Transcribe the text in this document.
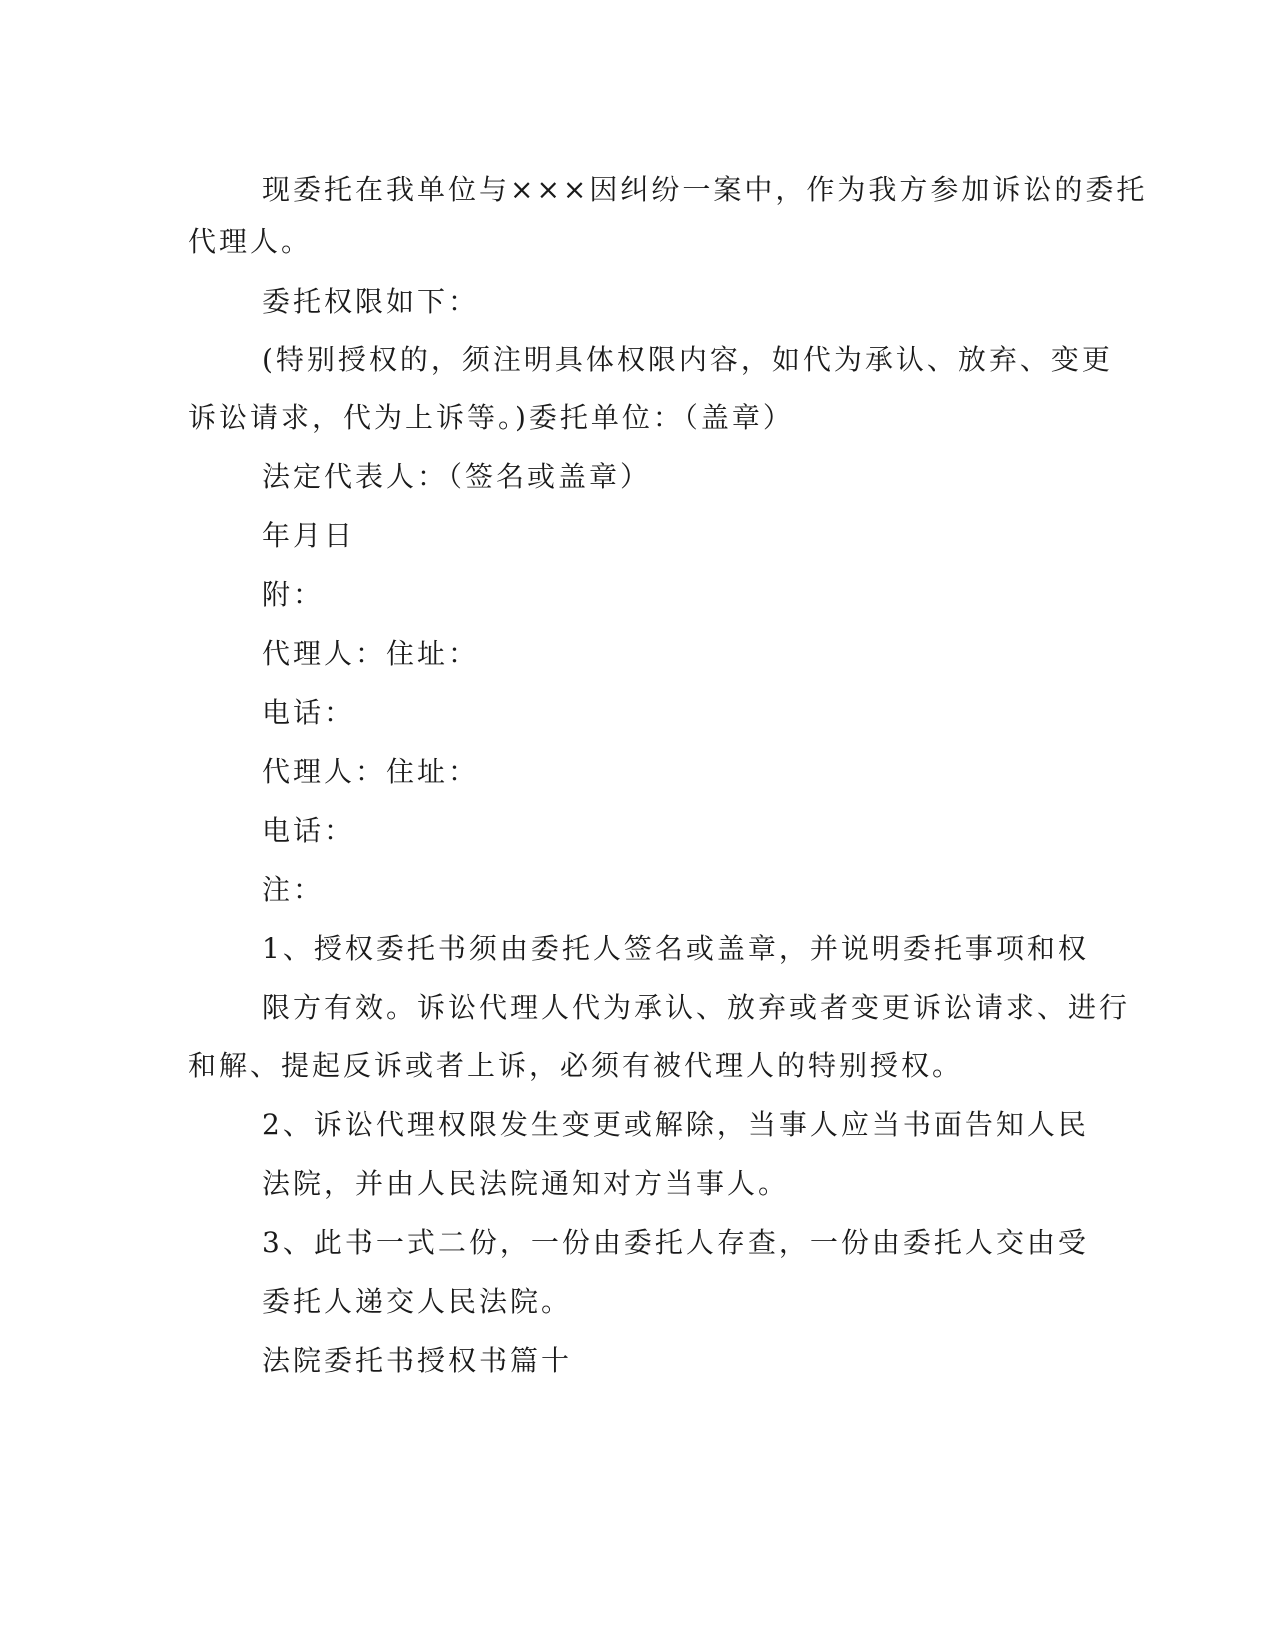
现委托在我单位与×××因纠纷一案中，作为我方参加诉讼的委托
代理人。
委托权限如下：
(特别授权的，须注明具体权限内容，如代为承认、放弃、变更
诉讼请求，代为上诉等。)委托单位：（盖章）
法定代表人：（签名或盖章）
年月日
附：
代理人：住址：
电话：
代理人：住址：
电话：
注：
1、授权委托书须由委托人签名或盖章，并说明委托事项和权
限方有效。诉讼代理人代为承认、放弃或者变更诉讼请求、进行
和解、提起反诉或者上诉，必须有被代理人的特别授权。
2、诉讼代理权限发生变更或解除，当事人应当书面告知人民
法院，并由人民法院通知对方当事人。
3、此书一式二份，一份由委托人存查，一份由委托人交由受
委托人递交人民法院。
法院委托书授权书篇十
